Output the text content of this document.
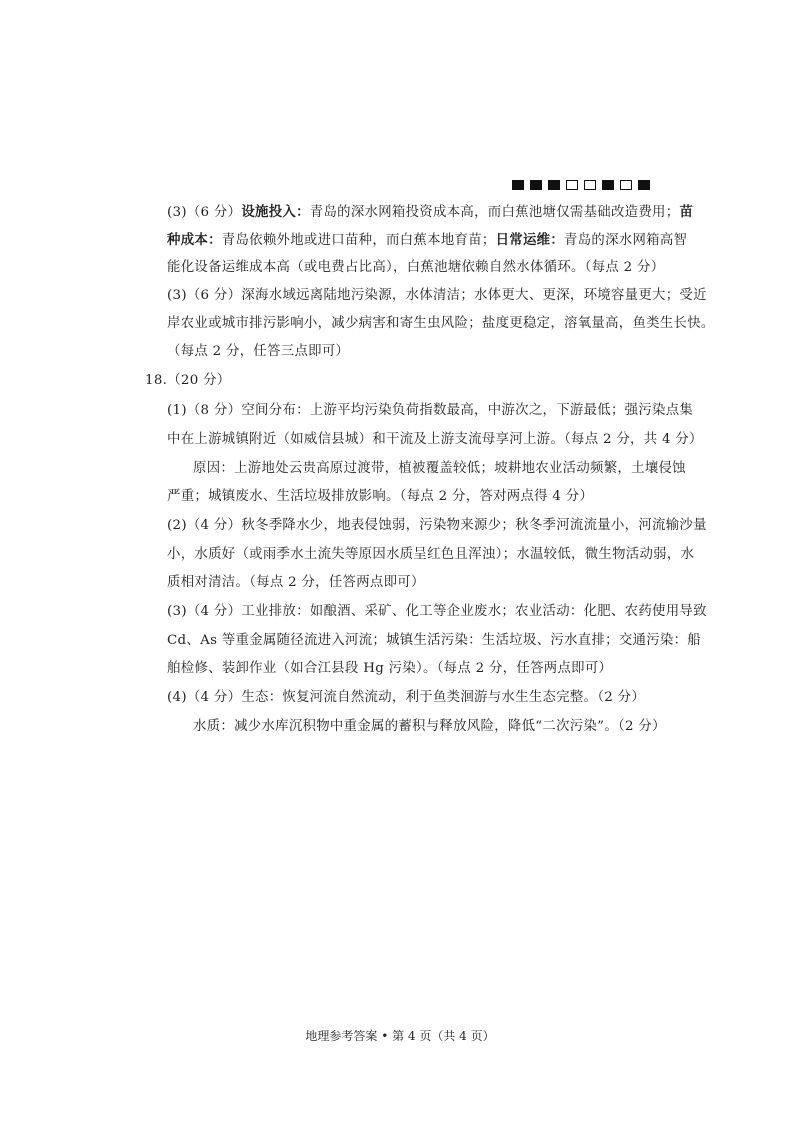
(3)（6 分）设施投入：青岛的深水网箱投资成本高，而白蕉池塘仅需基础改造费用；苗
种成本：青岛依赖外地或进口苗种，而白蕉本地育苗；日常运维：青岛的深水网箱高智
能化设备运维成本高（或电费占比高），白蕉池塘依赖自然水体循环。（每点 2 分）
(3)（6 分）深海水域远离陆地污染源，水体清洁；水体更大、更深，环境容量更大；受近
岸农业或城市排污影响小，减少病害和寄生虫风险；盐度更稳定，溶氧量高，鱼类生长快。
（每点 2 分，任答三点即可）
18.（20 分）
(1)（8 分）空间分布：上游平均污染负荷指数最高，中游次之，下游最低；强污染点集
中在上游城镇附近（如威信县城）和干流及上游支流母享河上游。（每点 2 分，共 4 分）
原因：上游地处云贵高原过渡带，植被覆盖较低；坡耕地农业活动频繁，土壤侵蚀
严重；城镇废水、生活垃圾排放影响。（每点 2 分，答对两点得 4 分）
(2)（4 分）秋冬季降水少，地表侵蚀弱，污染物来源少；秋冬季河流流量小，河流输沙量
小，水质好（或雨季水土流失等原因水质呈红色且浑浊）；水温较低，微生物活动弱，水
质相对清洁。（每点 2 分，任答两点即可）
(3)（4 分）工业排放：如酿酒、采矿、化工等企业废水；农业活动：化肥、农药使用导致
Cd、As 等重金属随径流进入河流；城镇生活污染：生活垃圾、污水直排；交通污染：船
舶检修、装卸作业（如合江县段 Hg 污染）。（每点 2 分，任答两点即可）
(4)（4 分）生态：恢复河流自然流动，利于鱼类洄游与水生生态完整。（2 分）
水质：减少水库沉积物中重金属的蓄积与释放风险，降低“二次污染”。（2 分）
地理参考答案 • 第 4 页（共 4 页）
